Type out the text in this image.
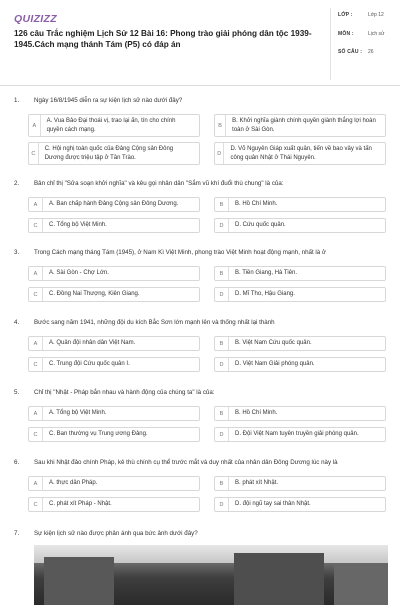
QUIZIZZ
126 câu Trắc nghiệm Lịch Sử 12 Bài 16: Phong trào giải phóng dân tộc 1939-1945.Cách mạng thánh Tám (P5) có đáp án
LỚP :	Lớp 12
MÔN :	Lịch sử
SỐ CÂU :	26
1.	Ngày 16/8/1945 diễn ra sự kiện lịch sử nào dưới đây?
A
A. Vua Bảo Đại thoái vị, trao lại ấn, tín cho chính quyền cách mạng.
B
B. Khởi nghĩa giành chính quyền giành thắng lợi hoàn toàn ở Sài Gòn.
C
C. Hội nghị toàn quốc của Đảng Cộng sản Đông Dương được triệu tập ở Tân Trào.
D
D. Võ Nguyên Giáp xuất quân, tiến về bao vây và tấn công quân Nhật ở Thái Nguyên.
2.	Bản chỉ thị "Sửa soạn khởi nghĩa" và kêu gọi nhân dân "Sắm vũ khí đuổi thù chung" là của:
A	A. Ban chấp hành Đảng Cộng sản Đông Dương.	B	B. Hồ Chí Minh.
C	C. Tổng bộ Việt Minh.	D	D. Cứu quốc quân.
3.	Trong Cách mạng tháng Tám (1945), ở Nam Kì Việt Minh, phong trào Việt Minh hoạt động mạnh, nhất là ở
A	A. Sài Gòn - Chợ Lớn.	B	B. Tiền Giang, Hà Tiên.
C	C. Đồng Nai Thượng, Kiên Giang.	D	D. Mĩ Tho, Hậu Giang.
4.	Bước sang năm 1941, những đội du kích Bắc Sơn lớn mạnh lên và thống nhất lại thành
A	A. Quân đội nhân dân Việt Nam.	B	B. Việt Nam Cứu quốc quân.
C	C. Trung đội Cứu quốc quân I.	D	D. Việt Nam Giải phóng quân.
5.	Chỉ thị "Nhật - Pháp bắn nhau và hành động của chúng ta" là của:
A	A. Tổng bộ Việt Minh.	B	B. Hồ Chí Minh.
C	C. Ban thường vụ Trung ương Đảng.	D	D. Đội Việt Nam tuyên truyền giải phóng quân.
6.	Sau khi Nhật đảo chính Pháp, kẻ thù chính cụ thể trước mắt và duy nhất của nhân dân Đông Dương lúc này là
A	A. thực dân Pháp.	B	B. phát xít Nhật.
C	C. phát xít Pháp - Nhật.	D	D. đội ngũ tay sai thân Nhật.
7.	Sự kiện lịch sử nào được phản ánh qua bức ảnh dưới đây?
